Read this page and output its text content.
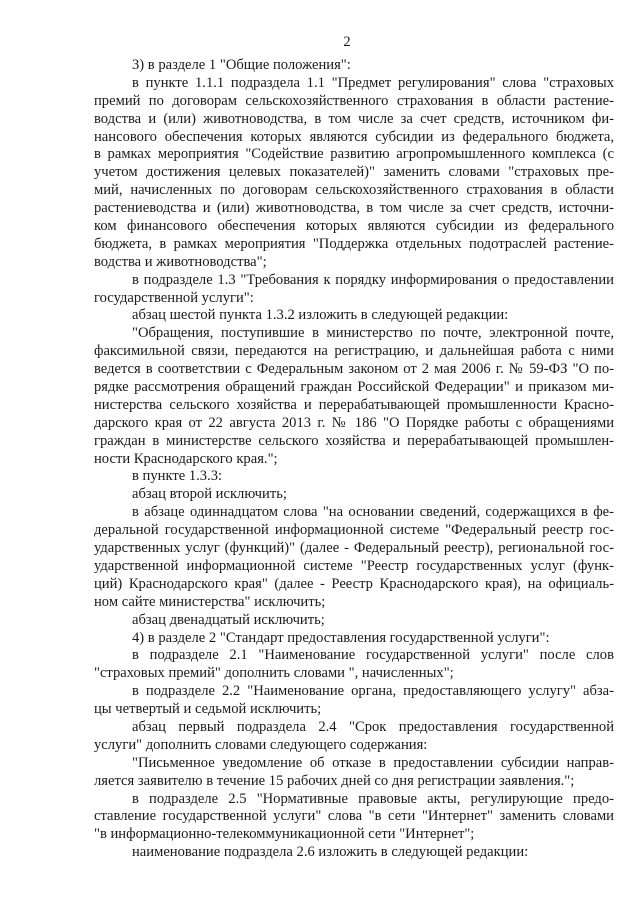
2
3) в разделе 1 "Общие положения":
в пункте 1.1.1 подраздела 1.1 "Предмет регулирования" слова "страховых
премий по договорам сельскохозяйственного страхования в области растение-
водства и (или) животноводства, в том числе за счет средств, источником фи-
нансового обеспечения которых являются субсидии из федерального бюджета,
в рамках мероприятия "Содействие развитию агропромышленного комплекса (с
учетом достижения целевых показателей)" заменить словами "страховых пре-
мий, начисленных по договорам сельскохозяйственного страхования в области
растениеводства и (или) животноводства, в том числе за счет средств, источни-
ком финансового обеспечения которых являются субсидии из федерального
бюджета, в рамках мероприятия "Поддержка отдельных подотраслей растение-
водства и животноводства";
в подразделе 1.3 "Требования к порядку информирования о предоставлении
государственной услуги":
абзац шестой пункта 1.3.2 изложить в следующей редакции:
"Обращения, поступившие в министерство по почте, электронной почте,
факсимильной связи, передаются на регистрацию, и дальнейшая работа с ними
ведется в соответствии с Федеральным законом от 2 мая 2006 г. № 59-ФЗ "О по-
рядке рассмотрения обращений граждан Российской Федерации" и приказом ми-
нистерства сельского хозяйства и перерабатывающей промышленности Красно-
дарского края от 22 августа 2013 г. № 186 "О Порядке работы с обращениями
граждан в министерстве сельского хозяйства и перерабатывающей промышлен-
ности Краснодарского края.";
в пункте 1.3.3:
абзац второй исключить;
в абзаце одиннадцатом слова "на основании сведений, содержащихся в фе-
деральной государственной информационной системе "Федеральный реестр гос-
ударственных услуг (функций)" (далее - Федеральный реестр), региональной гос-
ударственной информационной системе "Реестр государственных услуг (функ-
ций) Краснодарского края" (далее - Реестр Краснодарского края), на официаль-
ном сайте министерства" исключить;
абзац двенадцатый исключить;
4) в разделе 2 "Стандарт предоставления государственной услуги":
в подразделе 2.1 "Наименование государственной услуги" после слов
"страховых премий" дополнить словами ", начисленных";
в подразделе 2.2 "Наименование органа, предоставляющего услугу" абза-
цы четвертый и седьмой исключить;
абзац первый подраздела 2.4 "Срок предоставления государственной
услуги" дополнить словами следующего содержания:
"Письменное уведомление об отказе в предоставлении субсидии направ-
ляется заявителю в течение 15 рабочих дней со дня регистрации заявления.";
в подразделе 2.5 "Нормативные правовые акты, регулирующие предо-
ставление государственной услуги" слова "в сети "Интернет" заменить словами
"в информационно-телекоммуникационной сети "Интернет";
наименование подраздела 2.6 изложить в следующей редакции:
